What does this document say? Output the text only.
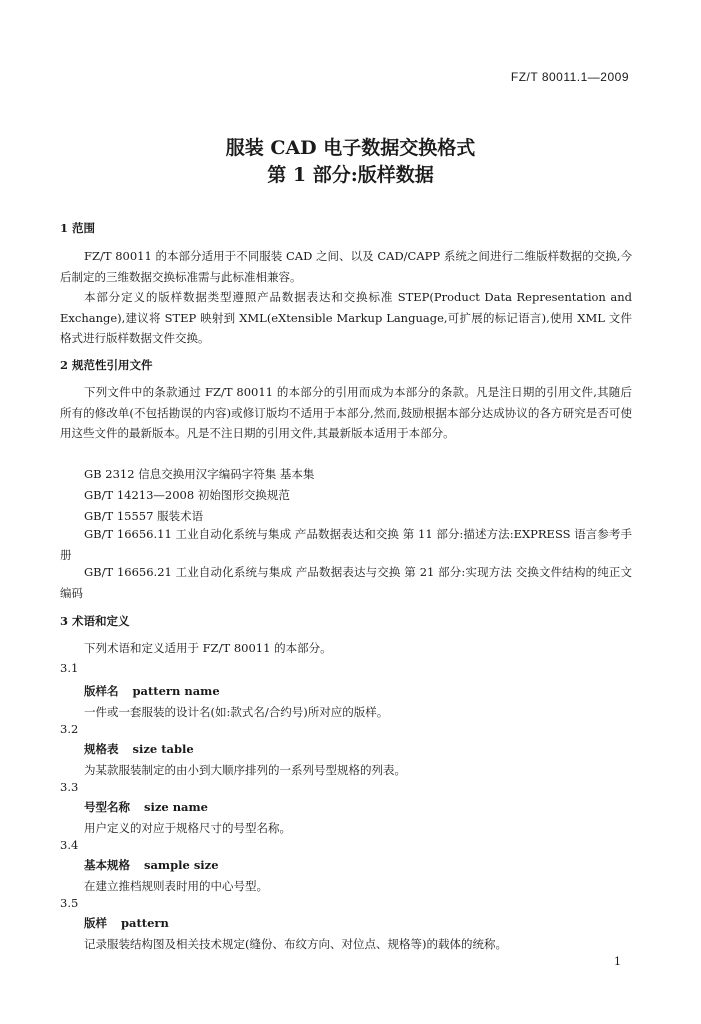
FZ/T 80011.1—2009
服装 CAD 电子数据交换格式
第 1 部分:版样数据
1 范围
FZ/T 80011 的本部分适用于不同服装 CAD 之间、以及 CAD/CAPP 系统之间进行二维版样数据的交换,今后制定的三维数据交换标准需与此标准相兼容。
本部分定义的版样数据类型遵照产品数据表达和交换标准 STEP(Product Data Representation and Exchange),建议将 STEP 映射到 XML(eXtensible Markup Language,可扩展的标记语言),使用 XML 文件格式进行版样数据文件交换。
2 规范性引用文件
下列文件中的条款通过 FZ/T 80011 的本部分的引用而成为本部分的条款。凡是注日期的引用文件,其随后所有的修改单(不包括勘误的内容)或修订版均不适用于本部分,然而,鼓励根据本部分达成协议的各方研究是否可使用这些文件的最新版本。凡是不注日期的引用文件,其最新版本适用于本部分。
GB 2312 信息交换用汉字编码字符集 基本集
GB/T 14213—2008 初始图形交换规范
GB/T 15557 服装术语
GB/T 16656.11 工业自动化系统与集成 产品数据表达和交换 第 11 部分:描述方法:EXPRESS 语言参考手册
GB/T 16656.21 工业自动化系统与集成 产品数据表达与交换 第 21 部分:实现方法 交换文件结构的纯正文编码
3 术语和定义
下列术语和定义适用于 FZ/T 80011 的本部分。
3.1
版样名 pattern name
一件或一套服装的设计名(如:款式名/合约号)所对应的版样。
3.2
规格表 size table
为某款服装制定的由小到大顺序排列的一系列号型规格的列表。
3.3
号型名称 size name
用户定义的对应于规格尺寸的号型名称。
3.4
基本规格 sample size
在建立推档规则表时用的中心号型。
3.5
版样 pattern
记录服装结构图及相关技术规定(缝份、布纹方向、对位点、规格等)的载体的统称。
1
